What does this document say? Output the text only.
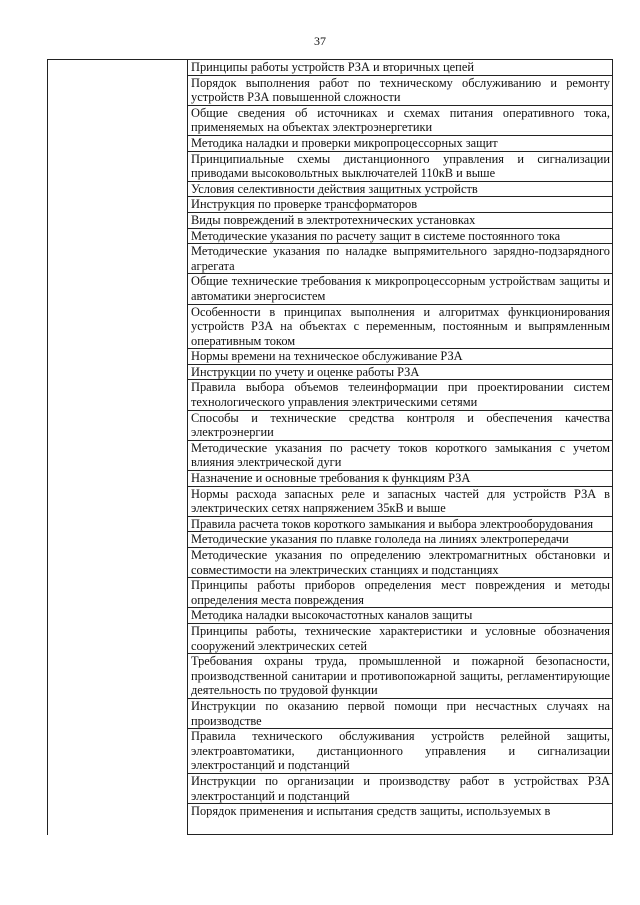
37
	Принципы работы устройств РЗА и вторичных цепей
Порядок выполнения работ по техническому обслуживанию и ремонту устройств РЗА повышенной сложности
Общие сведения об источниках и схемах питания оперативного тока, применяемых на объектах электроэнергетики
Методика наладки и проверки микропроцессорных защит
Принципиальные схемы дистанционного управления и сигнализации приводами высоковольтных выключателей 110кВ и выше
Условия селективности действия защитных устройств
Инструкция по проверке трансформаторов
Виды повреждений в электротехнических установках
Методические указания по расчету защит в системе постоянного тока
Методические указания по наладке выпрямительного зарядно-подзарядного агрегата
Общие технические требования к микропроцессорным устройствам защиты и автоматики энергосистем
Особенности в принципах выполнения и алгоритмах функционирования устройств РЗА на объектах с переменным, постоянным и выпрямленным оперативным током
Нормы времени на техническое обслуживание РЗА
Инструкции по учету и оценке работы РЗА
Правила выбора объемов телеинформации при проектировании систем технологического управления электрическими сетями
Способы и технические средства контроля и обеспечения качества электроэнергии
Методические указания по расчету токов короткого замыкания с учетом влияния электрической дуги
Назначение и основные требования к функциям РЗА
Нормы расхода запасных реле и запасных частей для устройств РЗА в электрических сетях напряжением 35кВ и выше
Правила расчета токов короткого замыкания и выбора электрооборудования
Методические указания по плавке гололеда на линиях электропередачи
Методические указания по определению электромагнитных обстановки и совместимости на электрических станциях и подстанциях
Принципы работы приборов определения мест повреждения и методы определения места повреждения
Методика наладки высокочастотных каналов защиты
Принципы работы, технические характеристики и условные обозначения сооружений электрических сетей
Требования охраны труда, промышленной и пожарной безопасности, производственной санитарии и противопожарной защиты, регламентирующие деятельность по трудовой функции
Инструкции по оказанию первой помощи при несчастных случаях на производстве
Правила технического обслуживания устройств релейной защиты, электроавтоматики, дистанционного управления и сигнализации электростанций и подстанций
Инструкции по организации и производству работ в устройствах РЗА электростанций и подстанций
Порядок применения и испытания средств защиты, используемых в
